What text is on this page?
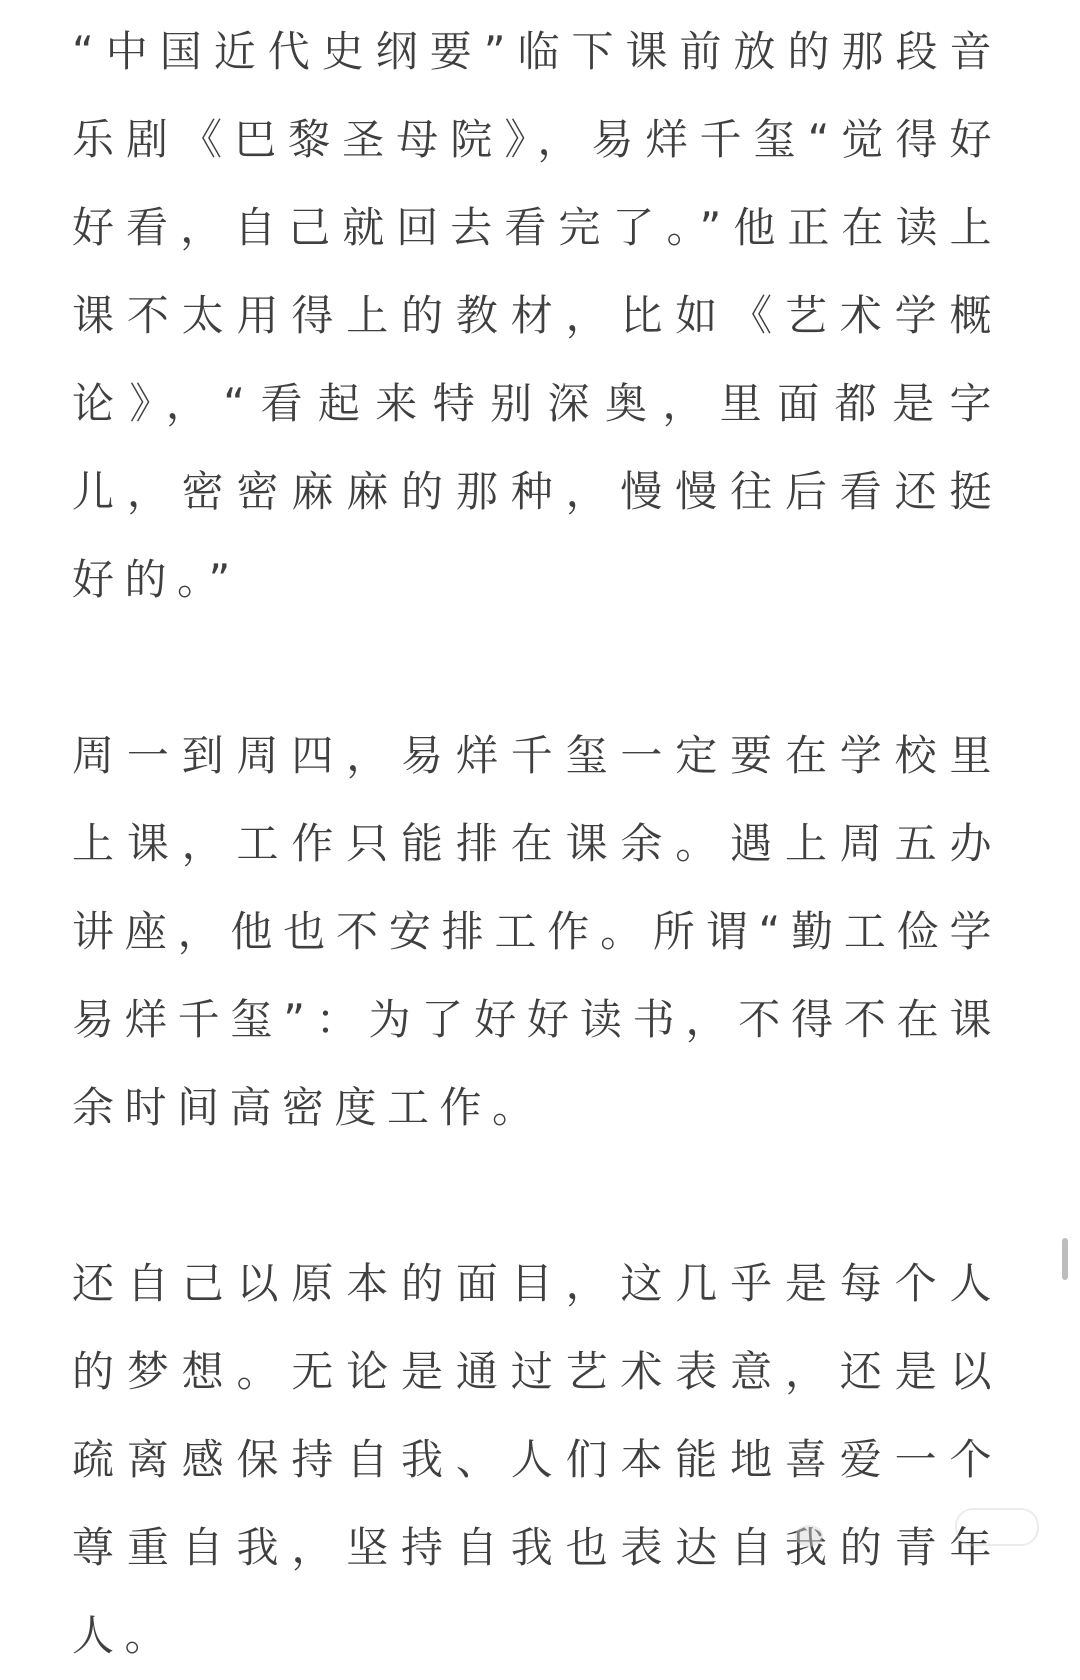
“中国近代史纲要”临下课前放的那段音乐剧《巴黎圣母院》，易烊千玺“觉得好好看，自己就回去看完了。”他正在读上课不太用得上的教材，比如《艺术学概论》，“看起来特别深奥，里面都是字儿，密密麻麻的那种，慢慢往后看还挺好的。”

周一到周四，易烊千玺一定要在学校里上课，工作只能排在课余。遇上周五办讲座，他也不安排工作。所谓“勤工俭学易烊千玺”：为了好好读书，不得不在课余时间高密度工作。

还自己以原本的面目，这几乎是每个人的梦想。无论是通过艺术表意，还是以疏离感保持自我、人们本能地喜爱一个尊重自我，坚持自我也表达自我的青年人。
